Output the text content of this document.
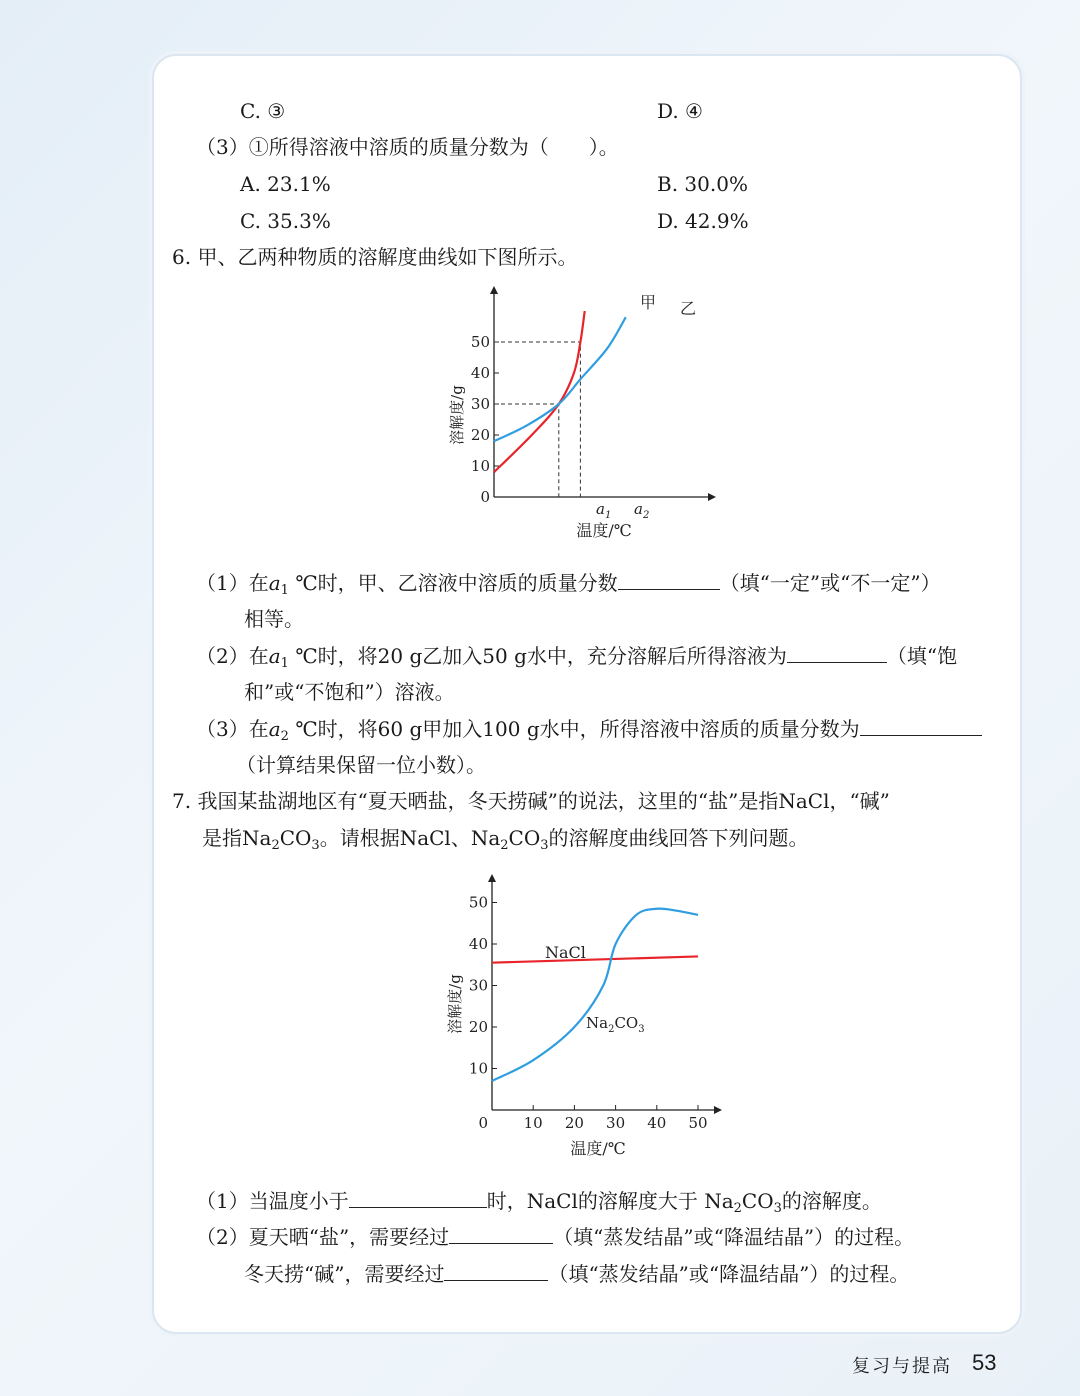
C. ③	D. ④
（3）①所得溶液中溶质的质量分数为（　　）。
A. 23.1%	B. 30.0%
C. 35.3%	D. 42.9%
6. 甲、乙两种物质的溶解度曲线如下图所示。
0
10
20
30
40
50
溶解度/g
温度/℃
甲 乙
$a_1$ $a_2$
（1）在$a_1$ ℃时，甲、乙溶液中溶质的质量分数	（填“一定”或“不一定”）
相等。
（2）在$a_1$ ℃时，将20 g乙加入50 g水中，充分溶解后所得溶液为	（填“饱
和”或“不饱和”）溶液。
（3）在$a_2$ ℃时，将60 g甲加入100 g水中，所得溶液中溶质的质量分数为
（计算结果保留一位小数）。
7. 我国某盐湖地区有“夏天晒盐，冬天捞碱”的说法，这里的“盐”是指NaCl，“碱”
是指$Na_2CO_3$。请根据NaCl、$Na_2CO_3$的溶解度曲线回答下列问题。
10
20
30
40
50
0 10 20 30 40 50
溶解度/g
温度/℃
NaCl
$Na_2CO_3$
（1）当温度小于	时，NaCl的溶解度大于 $Na_2CO_3$的溶解度。
（2）夏天晒“盐”，需要经过	（填“蒸发结晶”或“降温结晶”）的过程。
冬天捞“碱”，需要经过	（填“蒸发结晶”或“降温结晶”）的过程。
复习与提高 53
